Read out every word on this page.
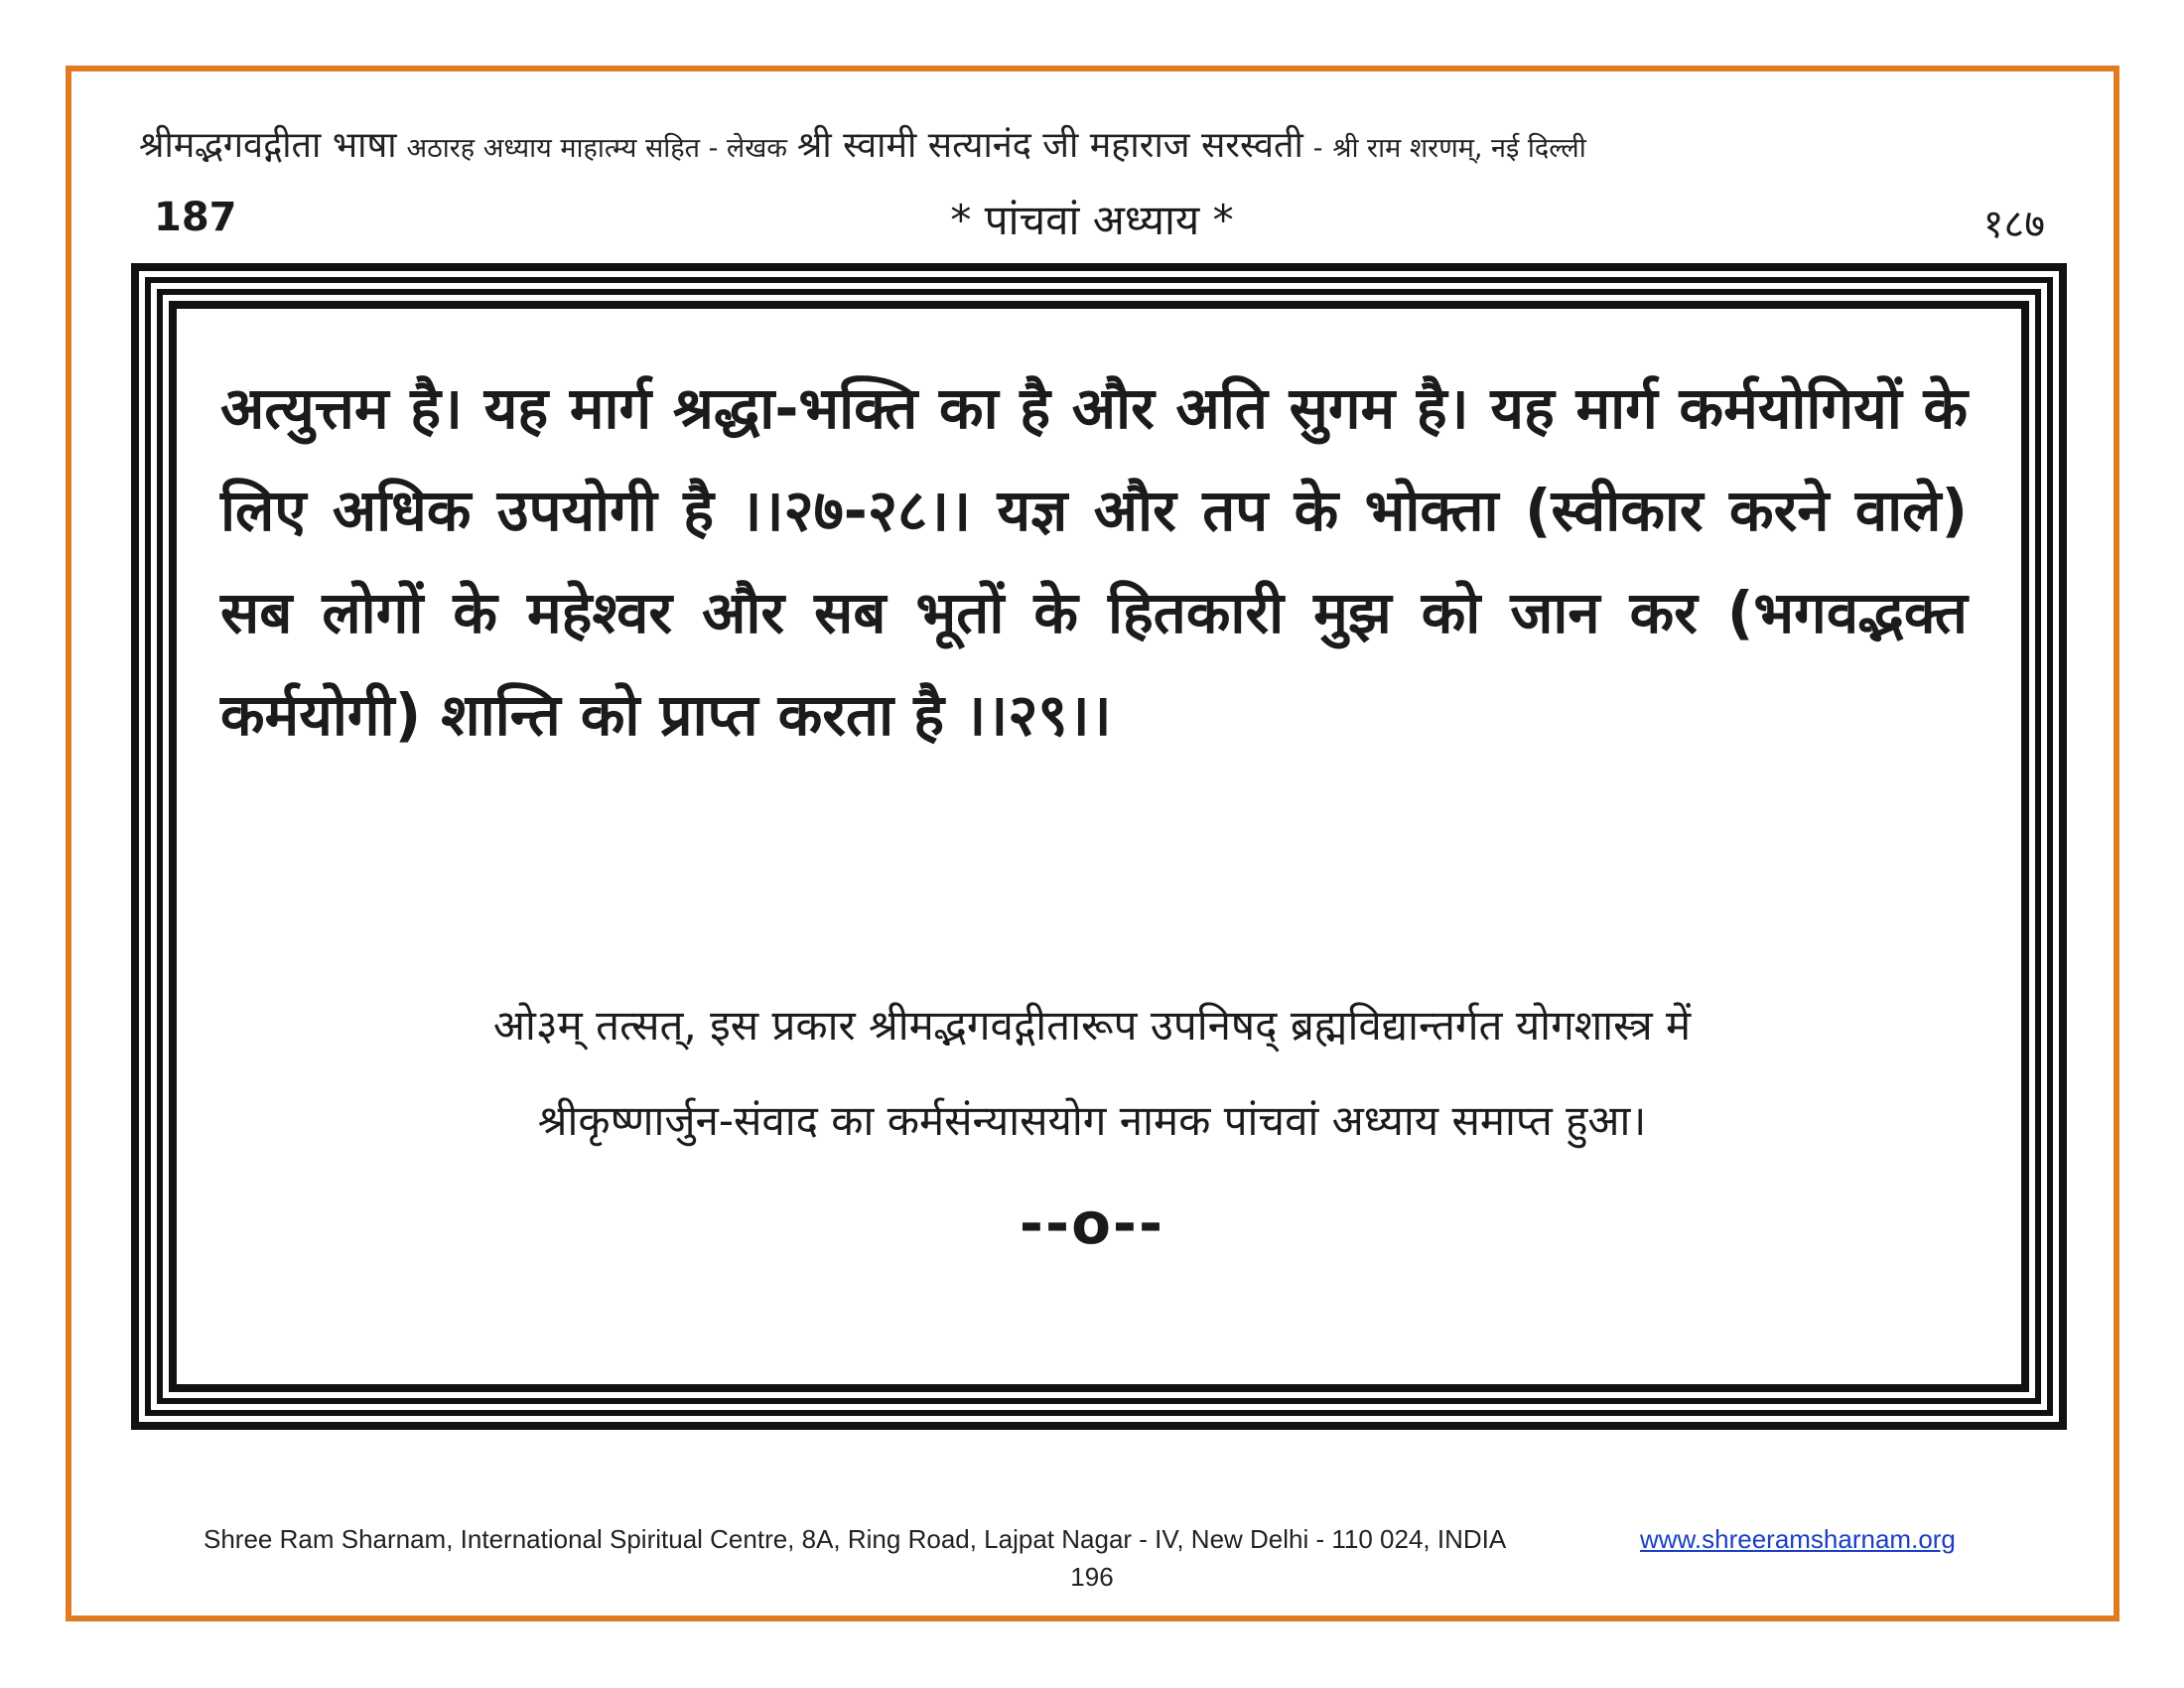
श्रीमद्भगवद्गीता भाषा अठारह अध्याय माहात्म्य सहित - लेखक श्री स्वामी सत्यानंद जी महाराज सरस्वती - श्री राम शरणम्, नई दिल्ली
187	* पांचवां अध्याय *	१८७
अत्युत्तम है। यह मार्ग श्रद्धा-भक्ति का है और अति सुगम है। यह मार्ग कर्मयोगियों के लिए अधिक उपयोगी है ।।२७-२८।। यज्ञ और तप के भोक्ता (स्वीकार करने वाले) सब लोगों के महेश्वर और सब भूतों के हितकारी मुझ को जान कर (भगवद्भक्त कर्मयोगी) शान्ति को प्राप्त करता है ।।२९।।
ओ३म् तत्सत्, इस प्रकार श्रीमद्भगवद्गीतारूप उपनिषद् ब्रह्मविद्यान्तर्गत योगशास्त्र में
श्रीकृष्णार्जुन-संवाद का कर्मसंन्यासयोग नामक पांचवां अध्याय समाप्त हुआ।
--o--
Shree Ram Sharnam, International Spiritual Centre, 8A, Ring Road, Lajpat Nagar - IV, New Delhi - 110 024, INDIA	www.shreeramsharnam.org
196
